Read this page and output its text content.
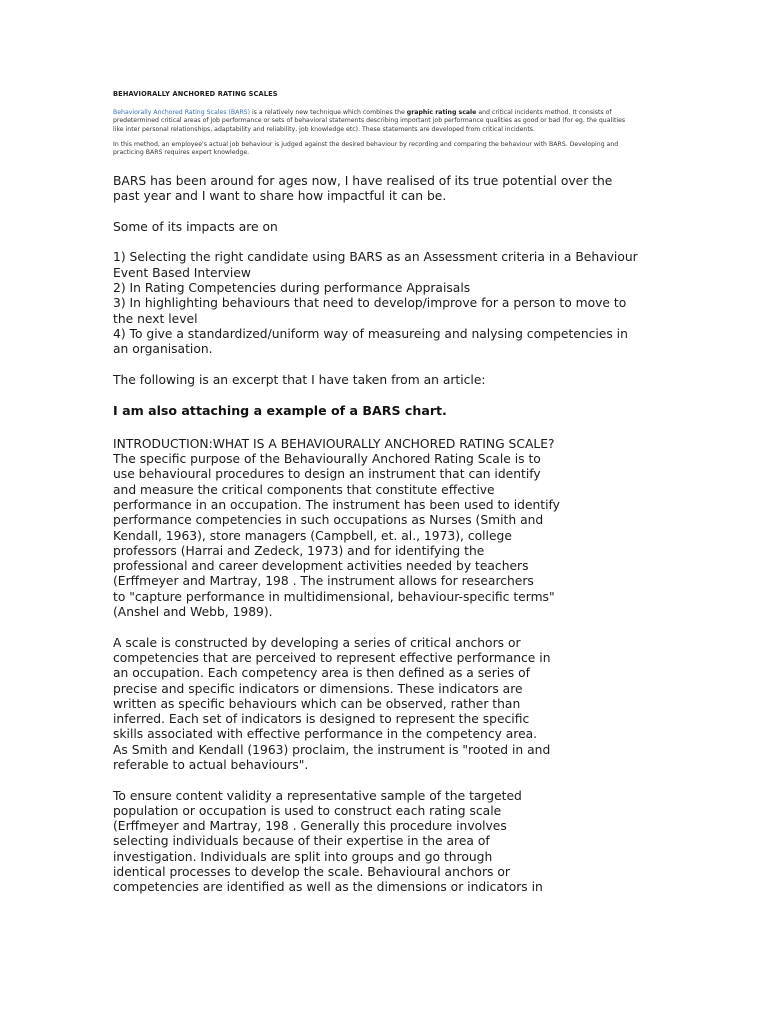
BEHAVIORALLY ANCHORED RATING SCALES

Behaviorally Anchored Rating Scales (BARS) is a relatively new technique which combines the graphic rating scale and critical incidents method. It consists of predetermined critical areas of job performance or sets of behavioral statements describing important job performance qualities as good or bad (for eg. the qualities like inter personal relationships, adaptability and reliability, job knowledge etc). These statements are developed from critical incidents.

In this method, an employee's actual job behaviour is judged against the desired behaviour by recording and comparing the behaviour with BARS. Developing and practicing BARS requires expert knowledge.

BARS has been around for ages now, I have realised of its true potential over the
past year and I want to share how impactful it can be.
Some of its impacts are on
1) Selecting the right candidate using BARS as an Assessment criteria in a Behaviour
Event Based Interview
2) In Rating Competencies during performance Appraisals
3) In highlighting behaviours that need to develop/improve for a person to move to
the next level
4) To give a standardized/uniform way of measureing and nalysing competencies in
an organisation.
The following is an excerpt that I have taken from an article:
I am also attaching a example of a BARS chart.
INTRODUCTION:WHAT IS A BEHAVIOURALLY ANCHORED RATING SCALE?
The specific purpose of the Behaviourally Anchored Rating Scale is to
use behavioural procedures to design an instrument that can identify
and measure the critical components that constitute effective
performance in an occupation. The instrument has been used to identify
performance competencies in such occupations as Nurses (Smith and
Kendall, 1963), store managers (Campbell, et. al., 1973), college
professors (Harrai and Zedeck, 1973) and for identifying the
professional and career development activities needed by teachers
(Erffmeyer and Martray, 198 . The instrument allows for researchers
to "capture performance in multidimensional, behaviour-specific terms"
(Anshel and Webb, 1989).
A scale is constructed by developing a series of critical anchors or
competencies that are perceived to represent effective performance in
an occupation. Each competency area is then defined as a series of
precise and specific indicators or dimensions. These indicators are
written as specific behaviours which can be observed, rather than
inferred. Each set of indicators is designed to represent the specific
skills associated with effective performance in the competency area.
As Smith and Kendall (1963) proclaim, the instrument is "rooted in and
referable to actual behaviours".
To ensure content validity a representative sample of the targeted
population or occupation is used to construct each rating scale
(Erffmeyer and Martray, 198 . Generally this procedure involves
selecting individuals because of their expertise in the area of
investigation. Individuals are split into groups and go through
identical processes to develop the scale. Behavioural anchors or
competencies are identified as well as the dimensions or indicators in
